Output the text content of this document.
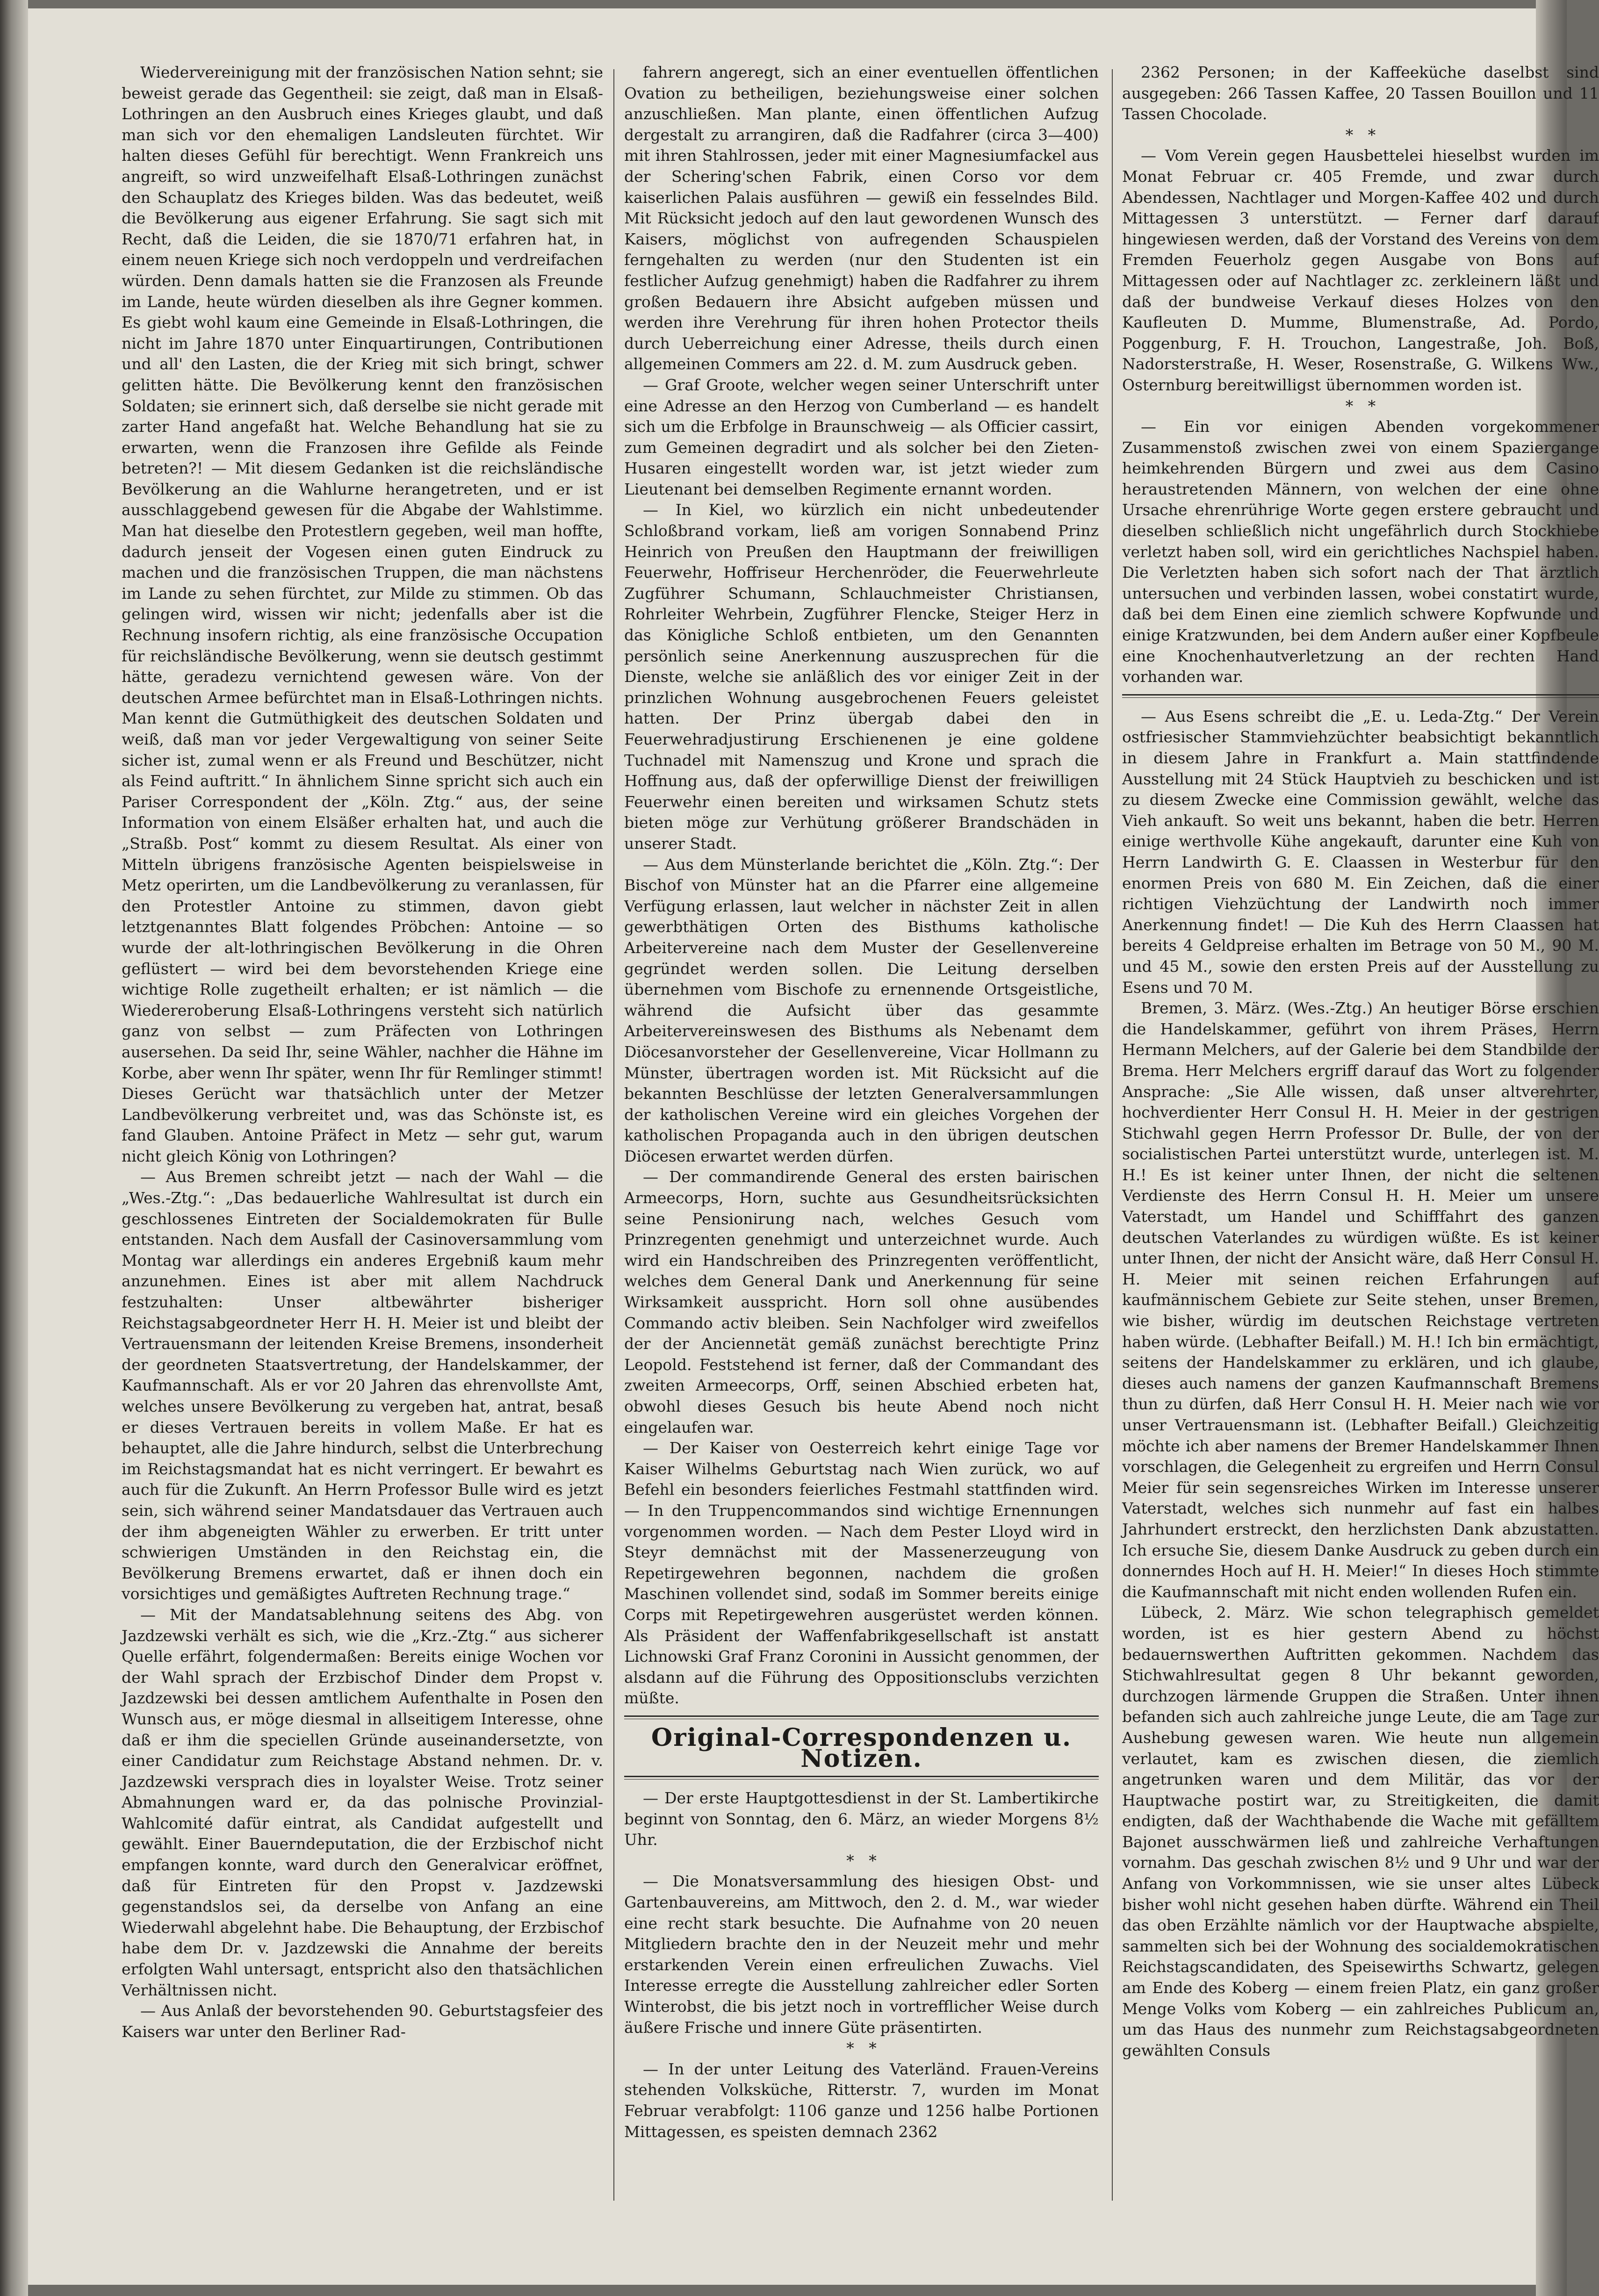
Wiedervereinigung mit der französischen Nation sehnt; sie beweist gerade das Gegentheil: sie zeigt, daß man in Elsaß-Lothringen an den Ausbruch eines Krieges glaubt, und daß man sich vor den ehemaligen Landsleuten fürchtet. Wir halten dieses Gefühl für berechtigt. Wenn Frankreich uns angreift, so wird unzweifelhaft Elsaß-Lothringen zunächst den Schauplatz des Krieges bilden. Was das bedeutet, weiß die Bevölkerung aus eigener Erfahrung. Sie sagt sich mit Recht, daß die Leiden, die sie 1870/71 erfahren hat, in einem neuen Kriege sich noch verdoppeln und verdreifachen würden. Denn damals hatten sie die Franzosen als Freunde im Lande, heute würden dieselben als ihre Gegner kommen. Es giebt wohl kaum eine Gemeinde in Elsaß-Lothringen, die nicht im Jahre 1870 unter Einquartirungen, Contributionen und all' den Lasten, die der Krieg mit sich bringt, schwer gelitten hätte. Die Bevölkerung kennt den französischen Soldaten; sie erinnert sich, daß derselbe sie nicht gerade mit zarter Hand angefaßt hat. Welche Behandlung hat sie zu erwarten, wenn die Franzosen ihre Gefilde als Feinde betreten?! — Mit diesem Gedanken ist die reichsländische Bevölkerung an die Wahlurne herangetreten, und er ist ausschlaggebend gewesen für die Abgabe der Wahlstimme. Man hat dieselbe den Protestlern gegeben, weil man hoffte, dadurch jenseit der Vogesen einen guten Eindruck zu machen und die französischen Truppen, die man nächstens im Lande zu sehen fürchtet, zur Milde zu stimmen. Ob das gelingen wird, wissen wir nicht; jedenfalls aber ist die Rechnung insofern richtig, als eine französische Occupation für reichsländische Bevölkerung, wenn sie deutsch gestimmt hätte, geradezu vernichtend gewesen wäre. Von der deutschen Armee befürchtet man in Elsaß-Lothringen nichts. Man kennt die Gutmüthigkeit des deutschen Soldaten und weiß, daß man vor jeder Vergewaltigung von seiner Seite sicher ist, zumal wenn er als Freund und Beschützer, nicht als Feind auftritt.“ In ähnlichem Sinne spricht sich auch ein Pariser Correspondent der „Köln. Ztg.“ aus, der seine Information von einem Elsäßer erhalten hat, und auch die „Straßb. Post“ kommt zu diesem Resultat. Als einer von Mitteln übrigens französische Agenten beispielsweise in Metz operirten, um die Landbevölkerung zu veranlassen, für den Protestler Antoine zu stimmen, davon giebt letztgenanntes Blatt folgendes Pröbchen: Antoine — so wurde der alt-lothringischen Bevölkerung in die Ohren geflüstert — wird bei dem bevorstehenden Kriege eine wichtige Rolle zugetheilt erhalten; er ist nämlich — die Wiedereroberung Elsaß-Lothringens versteht sich natürlich ganz von selbst — zum Präfecten von Lothringen ausersehen. Da seid Ihr, seine Wähler, nachher die Hähne im Korbe, aber wenn Ihr später, wenn Ihr für Remlinger stimmt! Dieses Gerücht war thatsächlich unter der Metzer Landbevölkerung verbreitet und, was das Schönste ist, es fand Glauben. Antoine Präfect in Metz — sehr gut, warum nicht gleich König von Lothringen?

— Aus Bremen schreibt jetzt — nach der Wahl — die „Wes.-Ztg.“: „Das bedauerliche Wahlresultat ist durch ein geschlossenes Eintreten der Socialdemokraten für Bulle entstanden. Nach dem Ausfall der Casinoversammlung vom Montag war allerdings ein anderes Ergebniß kaum mehr anzunehmen. Eines ist aber mit allem Nachdruck festzuhalten: Unser altbewährter bisheriger Reichstagsabgeordneter Herr H. H. Meier ist und bleibt der Vertrauensmann der leitenden Kreise Bremens, insonderheit der geordneten Staatsvertretung, der Handelskammer, der Kaufmannschaft. Als er vor 20 Jahren das ehrenvollste Amt, welches unsere Bevölkerung zu vergeben hat, antrat, besaß er dieses Vertrauen bereits in vollem Maße. Er hat es behauptet, alle die Jahre hindurch, selbst die Unterbrechung im Reichstagsmandat hat es nicht verringert. Er bewahrt es auch für die Zukunft. An Herrn Professor Bulle wird es jetzt sein, sich während seiner Mandatsdauer das Vertrauen auch der ihm abgeneigten Wähler zu erwerben. Er tritt unter schwierigen Umständen in den Reichstag ein, die Bevölkerung Bremens erwartet, daß er ihnen doch ein vorsichtiges und gemäßigtes Auftreten Rechnung trage.“

— Mit der Mandatsablehnung seitens des Abg. von Jazdzewski verhält es sich, wie die „Krz.-Ztg.“ aus sicherer Quelle erfährt, folgendermaßen: Bereits einige Wochen vor der Wahl sprach der Erzbischof Dinder dem Propst v. Jazdzewski bei dessen amtlichem Aufenthalte in Posen den Wunsch aus, er möge diesmal in allseitigem Interesse, ohne daß er ihm die speciellen Gründe auseinandersetzte, von einer Candidatur zum Reichstage Abstand nehmen. Dr. v. Jazdzewski versprach dies in loyalster Weise. Trotz seiner Abmahnungen ward er, da das polnische Provinzial-Wahlcomité dafür eintrat, als Candidat aufgestellt und gewählt. Einer Bauerndeputation, die der Erzbischof nicht empfangen konnte, ward durch den Generalvicar eröffnet, daß für Eintreten für den Propst v. Jazdzewski gegenstandslos sei, da derselbe von Anfang an eine Wiederwahl abgelehnt habe. Die Behauptung, der Erzbischof habe dem Dr. v. Jazdzewski die Annahme der bereits erfolgten Wahl untersagt, entspricht also den thatsächlichen Verhältnissen nicht.

— Aus Anlaß der bevorstehenden 90. Geburtstagsfeier des Kaisers war unter den Berliner Rad-

fahrern angeregt, sich an einer eventuellen öffentlichen Ovation zu betheiligen, beziehungsweise einer solchen anzuschließen. Man plante, einen öffentlichen Aufzug dergestalt zu arrangiren, daß die Radfahrer (circa 3—400) mit ihren Stahlrossen, jeder mit einer Magnesiumfackel aus der Schering'schen Fabrik, einen Corso vor dem kaiserlichen Palais ausführen — gewiß ein fesselndes Bild. Mit Rücksicht jedoch auf den laut gewordenen Wunsch des Kaisers, möglichst von aufregenden Schauspielen ferngehalten zu werden (nur den Studenten ist ein festlicher Aufzug genehmigt) haben die Radfahrer zu ihrem großen Bedauern ihre Absicht aufgeben müssen und werden ihre Verehrung für ihren hohen Protector theils durch Ueberreichung einer Adresse, theils durch einen allgemeinen Commers am 22. d. M. zum Ausdruck geben.

— Graf Groote, welcher wegen seiner Unterschrift unter eine Adresse an den Herzog von Cumberland — es handelt sich um die Erbfolge in Braunschweig — als Officier cassirt, zum Gemeinen degradirt und als solcher bei den Zieten-Husaren eingestellt worden war, ist jetzt wieder zum Lieutenant bei demselben Regimente ernannt worden.

— In Kiel, wo kürzlich ein nicht unbedeutender Schloßbrand vorkam, ließ am vorigen Sonnabend Prinz Heinrich von Preußen den Hauptmann der freiwilligen Feuerwehr, Hoffriseur Herchenröder, die Feuerwehrleute Zugführer Schumann, Schlauchmeister Christiansen, Rohrleiter Wehrbein, Zugführer Flencke, Steiger Herz in das Königliche Schloß entbieten, um den Genannten persönlich seine Anerkennung auszusprechen für die Dienste, welche sie anläßlich des vor einiger Zeit in der prinzlichen Wohnung ausgebrochenen Feuers geleistet hatten. Der Prinz übergab dabei den in Feuerwehradjustirung Erschienenen je eine goldene Tuchnadel mit Namenszug und Krone und sprach die Hoffnung aus, daß der opferwillige Dienst der freiwilligen Feuerwehr einen bereiten und wirksamen Schutz stets bieten möge zur Verhütung größerer Brandschäden in unserer Stadt.

— Aus dem Münsterlande berichtet die „Köln. Ztg.“: Der Bischof von Münster hat an die Pfarrer eine allgemeine Verfügung erlassen, laut welcher in nächster Zeit in allen gewerbthätigen Orten des Bisthums katholische Arbeitervereine nach dem Muster der Gesellenvereine gegründet werden sollen. Die Leitung derselben übernehmen vom Bischofe zu ernennende Ortsgeistliche, während die Aufsicht über das gesammte Arbeitervereinswesen des Bisthums als Nebenamt dem Diöcesanvorsteher der Gesellenvereine, Vicar Hollmann zu Münster, übertragen worden ist. Mit Rücksicht auf die bekannten Beschlüsse der letzten Generalversammlungen der katholischen Vereine wird ein gleiches Vorgehen der katholischen Propaganda auch in den übrigen deutschen Diöcesen erwartet werden dürfen.

— Der commandirende General des ersten bairischen Armeecorps, Horn, suchte aus Gesundheitsrücksichten seine Pensionirung nach, welches Gesuch vom Prinzregenten genehmigt und unterzeichnet wurde. Auch wird ein Handschreiben des Prinzregenten veröffentlicht, welches dem General Dank und Anerkennung für seine Wirksamkeit ausspricht. Horn soll ohne ausübendes Commando activ bleiben. Sein Nachfolger wird zweifellos der der Anciennetät gemäß zunächst berechtigte Prinz Leopold. Feststehend ist ferner, daß der Commandant des zweiten Armeecorps, Orff, seinen Abschied erbeten hat, obwohl dieses Gesuch bis heute Abend noch nicht eingelaufen war.

— Der Kaiser von Oesterreich kehrt einige Tage vor Kaiser Wilhelms Geburtstag nach Wien zurück, wo auf Befehl ein besonders feierliches Festmahl stattfinden wird. — In den Truppencommandos sind wichtige Ernennungen vorgenommen worden. — Nach dem Pester Lloyd wird in Steyr demnächst mit der Massenerzeugung von Repetirgewehren begonnen, nachdem die großen Maschinen vollendet sind, sodaß im Sommer bereits einige Corps mit Repetirgewehren ausgerüstet werden können. Als Präsident der Waffenfabrikgesellschaft ist anstatt Lichnowski Graf Franz Coronini in Aussicht genommen, der alsdann auf die Führung des Oppositionsclubs verzichten müßte.

Original-Correspondenzen u. Notizen.

— Der erste Hauptgottesdienst in der St. Lambertikirche beginnt von Sonntag, den 6. März, an wieder Morgens 8½ Uhr.

*   *

— Die Monatsversammlung des hiesigen Obst- und Gartenbauvereins, am Mittwoch, den 2. d. M., war wieder eine recht stark besuchte. Die Aufnahme von 20 neuen Mitgliedern brachte den in der Neuzeit mehr und mehr erstarkenden Verein einen erfreulichen Zuwachs. Viel Interesse erregte die Ausstellung zahlreicher edler Sorten Winterobst, die bis jetzt noch in vortrefflicher Weise durch äußere Frische und innere Güte präsentirten.

*   *

— In der unter Leitung des Vaterländ. Frauen-Vereins stehenden Volksküche, Ritterstr. 7, wurden im Monat Februar verabfolgt: 1106 ganze und 1256 halbe Portionen Mittagessen, es speisten demnach 2362

2362 Personen; in der Kaffeeküche daselbst sind ausgegeben: 266 Tassen Kaffee, 20 Tassen Bouillon und 11 Tassen Chocolade.

*   *

— Vom Verein gegen Hausbettelei hieselbst wurden im Monat Februar cr. 405 Fremde, und zwar durch Abendessen, Nachtlager und Morgen-Kaffee 402 und durch Mittagessen 3 unterstützt. — Ferner darf darauf hingewiesen werden, daß der Vorstand des Vereins von dem Fremden Feuerholz gegen Ausgabe von Bons auf Mittagessen oder auf Nachtlager zc. zerkleinern läßt und daß der bundweise Verkauf dieses Holzes von den Kaufleuten D. Mumme, Blumenstraße, Ad. Pordo, Poggenburg, F. H. Trouchon, Langestraße, Joh. Boß, Nadorsterstraße, H. Weser, Rosenstraße, G. Wilkens Ww., Osternburg bereitwilligst übernommen worden ist.

*   *

— Ein vor einigen Abenden vorgekommener Zusammenstoß zwischen zwei von einem Spaziergange heimkehrenden Bürgern und zwei aus dem Casino heraustretenden Männern, von welchen der eine ohne Ursache ehrenrührige Worte gegen erstere gebraucht und dieselben schließlich nicht ungefährlich durch Stockhiebe verletzt haben soll, wird ein gerichtliches Nachspiel haben. Die Verletzten haben sich sofort nach der That ärztlich untersuchen und verbinden lassen, wobei constatirt wurde, daß bei dem Einen eine ziemlich schwere Kopfwunde und einige Kratzwunden, bei dem Andern außer einer Kopfbeule eine Knochenhautverletzung an der rechten Hand vorhanden war.

— Aus Esens schreibt die „E. u. Leda-Ztg.“ Der Verein ostfriesischer Stammviehzüchter beabsichtigt bekanntlich in diesem Jahre in Frankfurt a. Main stattfindende Ausstellung mit 24 Stück Hauptvieh zu beschicken und ist zu diesem Zwecke eine Commission gewählt, welche das Vieh ankauft. So weit uns bekannt, haben die betr. Herren einige werthvolle Kühe angekauft, darunter eine Kuh von Herrn Landwirth G. E. Claassen in Westerbur für den enormen Preis von 680 M. Ein Zeichen, daß die einer richtigen Viehzüchtung der Landwirth noch immer Anerkennung findet! — Die Kuh des Herrn Claassen hat bereits 4 Geldpreise erhalten im Betrage von 50 M., 90 M. und 45 M., sowie den ersten Preis auf der Ausstellung zu Esens und 70 M.

Bremen, 3. März. (Wes.-Ztg.) An heutiger Börse erschien die Handelskammer, geführt von ihrem Präses, Herrn Hermann Melchers, auf der Galerie bei dem Standbilde der Brema. Herr Melchers ergriff darauf das Wort zu folgender Ansprache: „Sie Alle wissen, daß unser altverehrter, hochverdienter Herr Consul H. H. Meier in der gestrigen Stichwahl gegen Herrn Professor Dr. Bulle, der von der socialistischen Partei unterstützt wurde, unterlegen ist. M. H.! Es ist keiner unter Ihnen, der nicht die seltenen Verdienste des Herrn Consul H. H. Meier um unsere Vaterstadt, um Handel und Schifffahrt des ganzen deutschen Vaterlandes zu würdigen wüßte. Es ist keiner unter Ihnen, der nicht der Ansicht wäre, daß Herr Consul H. H. Meier mit seinen reichen Erfahrungen auf kaufmännischem Gebiete zur Seite stehen, unser Bremen, wie bisher, würdig im deutschen Reichstage vertreten haben würde. (Lebhafter Beifall.) M. H.! Ich bin ermächtigt, seitens der Handelskammer zu erklären, und ich glaube, dieses auch namens der ganzen Kaufmannschaft Bremens thun zu dürfen, daß Herr Consul H. H. Meier nach wie vor unser Vertrauensmann ist. (Lebhafter Beifall.) Gleichzeitig möchte ich aber namens der Bremer Handelskammer Ihnen vorschlagen, die Gelegenheit zu ergreifen und Herrn Consul Meier für sein segensreiches Wirken im Interesse unserer Vaterstadt, welches sich nunmehr auf fast ein halbes Jahrhundert erstreckt, den herzlichsten Dank abzustatten. Ich ersuche Sie, diesem Danke Ausdruck zu geben durch ein donnerndes Hoch auf H. H. Meier!“ In dieses Hoch stimmte die Kaufmannschaft mit nicht enden wollenden Rufen ein.

Lübeck, 2. März. Wie schon telegraphisch gemeldet worden, ist es hier gestern Abend zu höchst bedauernswerthen Auftritten gekommen. Nachdem das Stichwahlresultat gegen 8 Uhr bekannt geworden, durchzogen lärmende Gruppen die Straßen. Unter ihnen befanden sich auch zahlreiche junge Leute, die am Tage zur Aushebung gewesen waren. Wie heute nun allgemein verlautet, kam es zwischen diesen, die ziemlich angetrunken waren und dem Militär, das vor der Hauptwache postirt war, zu Streitigkeiten, die damit endigten, daß der Wachthabende die Wache mit gefälltem Bajonet ausschwärmen ließ und zahlreiche Verhaftungen vornahm. Das geschah zwischen 8½ und 9 Uhr und war der Anfang von Vorkommnissen, wie sie unser altes Lübeck bisher wohl nicht gesehen haben dürfte. Während ein Theil das oben Erzählte nämlich vor der Hauptwache abspielte, sammelten sich bei der Wohnung des socialdemokratischen Reichstagscandidaten, des Speisewirths Schwartz, gelegen am Ende des Koberg — einem freien Platz, ein ganz großer Menge Volks vom Koberg — ein zahlreiches Publicum an, um das Haus des nunmehr zum Reichstagsabgeordneten gewählten Consuls
